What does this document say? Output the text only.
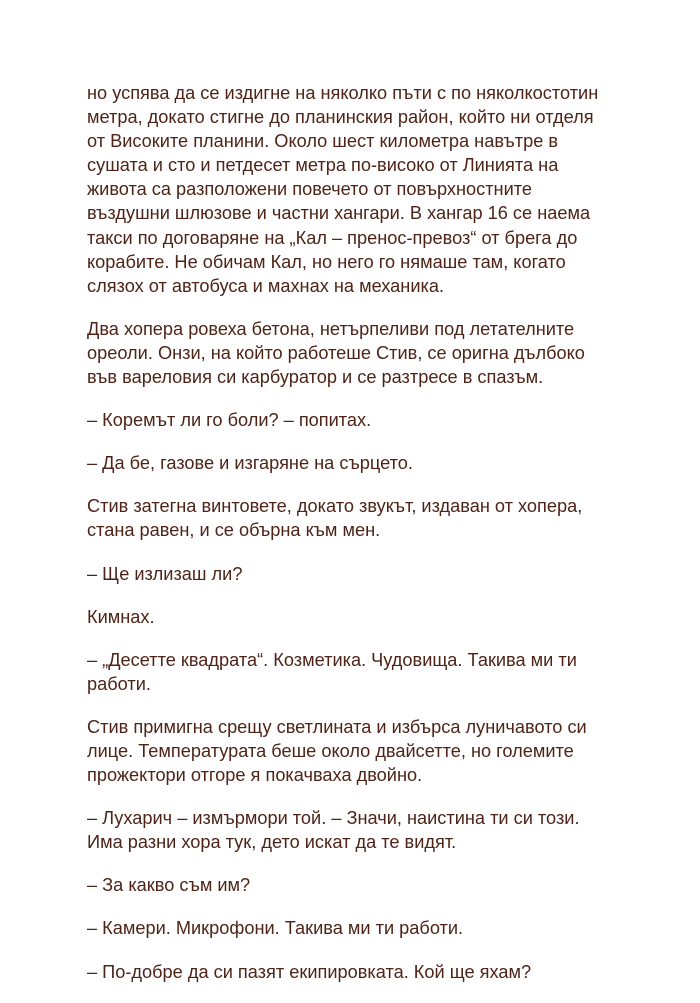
но успява да се издигне на няколко пъти с по няколкостотин
метра, докато стигне до планинския район, който ни отделя
от Високите планини. Около шест километра навътре в
сушата и сто и петдесет метра по-високо от Линията на
живота са разположени повечето от повърхностните
въздушни шлюзове и частни хангари. В хангар 16 се наема
такси по договаряне на „Кал – пренос-превоз“ от брега до
корабите. Не обичам Кал, но него го нямаше там, когато
слязох от автобуса и махнах на механика.

Два хопера ровеха бетона, нетърпеливи под летателните
ореоли. Онзи, на който работеше Стив, се оригна дълбоко
във вареловия си карбуратор и се разтресе в спазъм.

– Коремът ли го боли? – попитах.

– Да бе, газове и изгаряне на сърцето.

Стив затегна винтовете, докато звукът, издаван от хопера,
стана равен, и се обърна към мен.

– Ще излизаш ли?

Кимнах.

– „Десетте квадрата“. Козметика. Чудовища. Такива ми ти
работи.

Стив примигна срещу светлината и избърса луничавото си
лице. Температурата беше около двайсетте, но големите
прожектори отгоре я покачваха двойно.

– Лухарич – измърмори той. – Значи, наистина ти си този.
Има разни хора тук, дето искат да те видят.

– За какво съм им?

– Камери. Микрофони. Такива ми ти работи.

– По-добре да си пазят екипировката. Кой ще яхам?
